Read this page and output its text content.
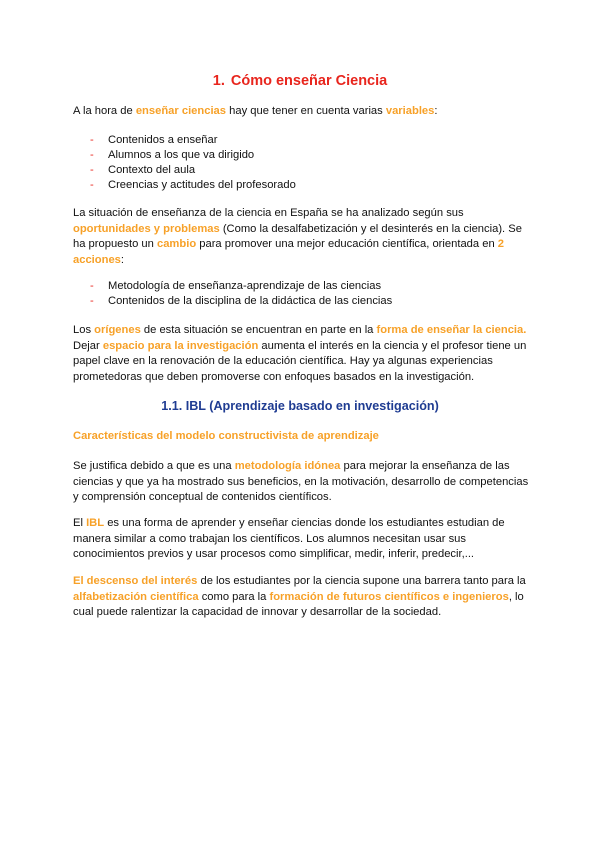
1. Cómo enseñar Ciencia
A la hora de enseñar ciencias hay que tener en cuenta varias variables:
- Contenidos a enseñar
- Alumnos a los que va dirigido
- Contexto del aula
- Creencias y actitudes del profesorado
La situación de enseñanza de la ciencia en España se ha analizado según sus
oportunidades y problemas (Como la desalfabetización y el desinterés en la ciencia). Se
ha propuesto un cambio para promover una mejor educación científica, orientada en 2
acciones:
- Metodología de enseñanza-aprendizaje de las ciencias
- Contenidos de la disciplina de la didáctica de las ciencias
Los orígenes de esta situación se encuentran en parte en la forma de enseñar la ciencia.
Dejar espacio para la investigación aumenta el interés en la ciencia y el profesor tiene un
papel clave en la renovación de la educación científica. Hay ya algunas experiencias
prometedoras que deben promoverse con enfoques basados en la investigación.
1.1. IBL (Aprendizaje basado en investigación)
Características del modelo constructivista de aprendizaje
Se justifica debido a que es una metodología idónea para mejorar la enseñanza de las
ciencias y que ya ha mostrado sus beneficios, en la motivación, desarrollo de competencias
y comprensión conceptual de contenidos científicos.
El IBL es una forma de aprender y enseñar ciencias donde los estudiantes estudian de
manera similar a como trabajan los científicos. Los alumnos necesitan usar sus
conocimientos previos y usar procesos como simplificar, medir, inferir, predecir,...
El descenso del interés de los estudiantes por la ciencia supone una barrera tanto para la
alfabetización científica como para la formación de futuros científicos e ingenieros, lo
cual puede ralentizar la capacidad de innovar y desarrollar de la sociedad.
